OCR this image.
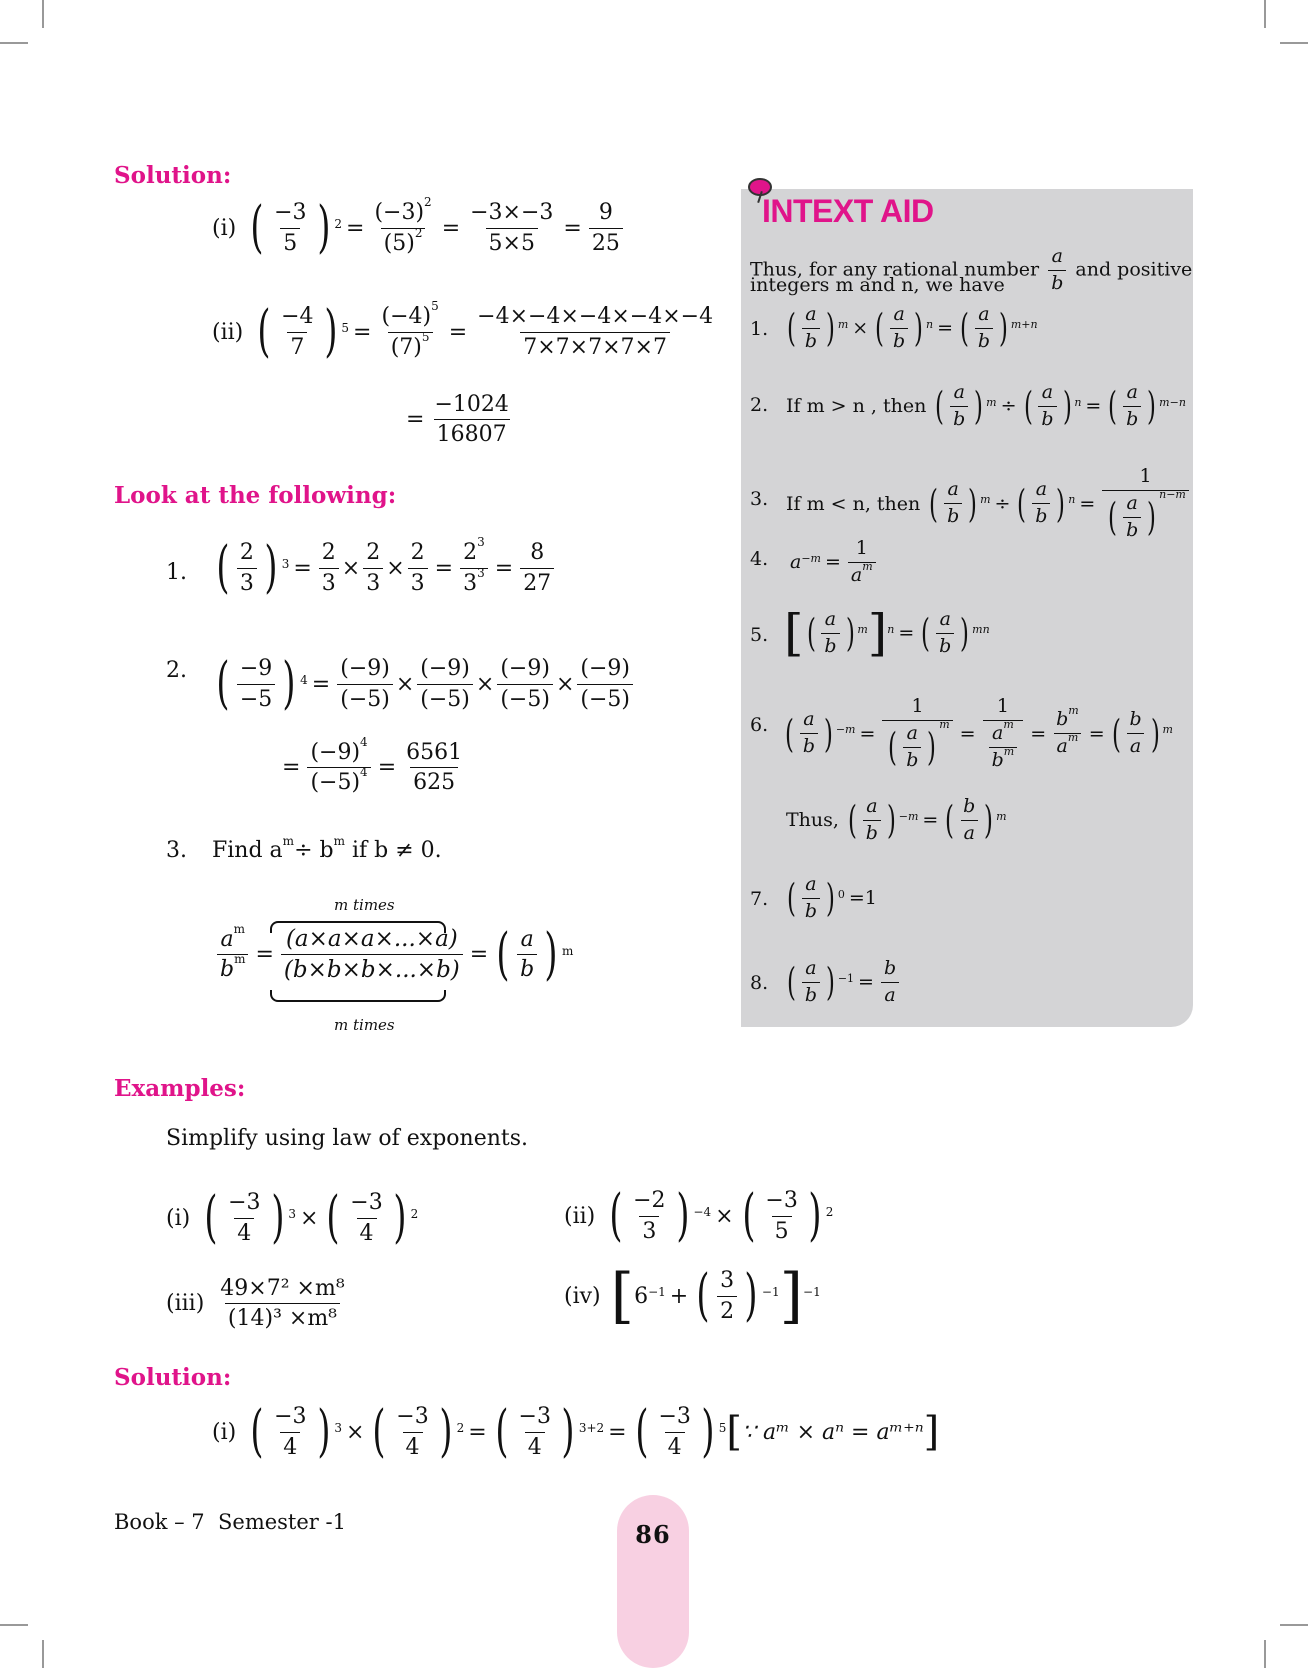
Solution:
(i) ( $\frac{-3}{5}$ ) $^2 = \frac{(-3)^2}{(5)^2} = \frac{-3\times-3}{5\times 5} = \frac{9}{25}$
(ii) ( $\frac{-4}{7}$ ) $^5 = \frac{(-4)^5}{(7)^5} = \frac{-4\times-4\times-4\times-4\times-4}{7\times 7\times 7\times 7\times 7}$
= $\frac{-1024}{16807}$
Look at the following:
1. ( $\frac{2}{3}$ ) $^3 = \frac{2}{3} \times \frac{2}{3} \times \frac{2}{3} = \frac{2^3}{3^3} = \frac{8}{27}$
2. ( $\frac{-9}{-5}$ ) $^4 = \frac{(-9)}{(-5)} \times \frac{(-9)}{(-5)} \times \frac{(-9)}{(-5)} \times \frac{(-9)}{(-5)}$
= $\frac{(-9)^4}{(-5)^4} = \frac{6561}{625}$
3. Find $a^m\div b^m$ if b ≠ 0.
m times
$\frac{a^m}{b^m} = \frac{(a\times a\times a\times...\times a)}{(b\times b\times b\times...\times b)}$ = ( $\frac{a}{b}$ ) $^m$
m times
Examples:
Simplify using law of exponents.
(i) ( $\frac{-3}{4}$ ) $^3$ × ( $\frac{-3}{4}$ ) $^2$	(ii) ( $\frac{-2}{3}$ ) $^{-4}$ × ( $\frac{-3}{5}$ ) $^2$
$(iii) \frac{\text{49×7² ×m⁸}}{\text{(14)³ ×m⁸}}$	(iv) [ $6^{-1}$ + ( $\frac{3}{2}$ ) $^{-1}$ ]$^{-1}$
Solution:
(i) ( $\frac{-3}{4}$ ) $^3$ × ( $\frac{-3}{4}$ ) $^2$ = ( $\frac{-3}{4}$ ) $^{3+2}$ = ( $\frac{-3}{4}$ ) $^5$ [ ∵ aᵐ × aⁿ = aᵐ⁺ⁿ ]
INTEXT AID
Thus, for any rational number $\frac{a}{b}$ and positive
integers m and n, we have
1. ( $\frac{a}{b}$ ) $^m$ × ( $\frac{a}{b}$ ) $^n$ = ( $\frac{a}{b}$ ) $^{m+n}$
2. If m > n , then ( $\frac{a}{b}$ ) $^m$ ÷ ( $\frac{a}{b}$ ) $^n$ = ( $\frac{a}{b}$ ) $^{m-n}$
3. If m < n, then ( $\frac{a}{b}$ ) $^m$ ÷ ( $\frac{a}{b}$ ) $^n = \frac{1}{( \frac{a}{b} )^{n-m}}$
4. a $^{-m} = \frac{1}{a^m}$
5. [ ( $\frac{a}{b}$ ) $^m$ ] $^n$ = ( $\frac{a}{b}$ ) $^{mn}$
6. ( $\frac{a}{b}$ ) $^{-m} = \frac{1}{( \frac{a}{b} )^m} = \frac{1}{\frac{a^m}{b^m}} = \frac{b^m}{a^m}$ = ( $\frac{b}{a}$ ) $^m$
Thus, ( $\frac{a}{b}$ ) $^{-m}$ = ( $\frac{b}{a}$ ) $^m$
7. ( $\frac{a}{b}$ ) $^0$ =1
8. ( $\frac{a}{b}$ ) $^{-1} = \frac{b}{a}$
Book – 7 Semester -1	86
